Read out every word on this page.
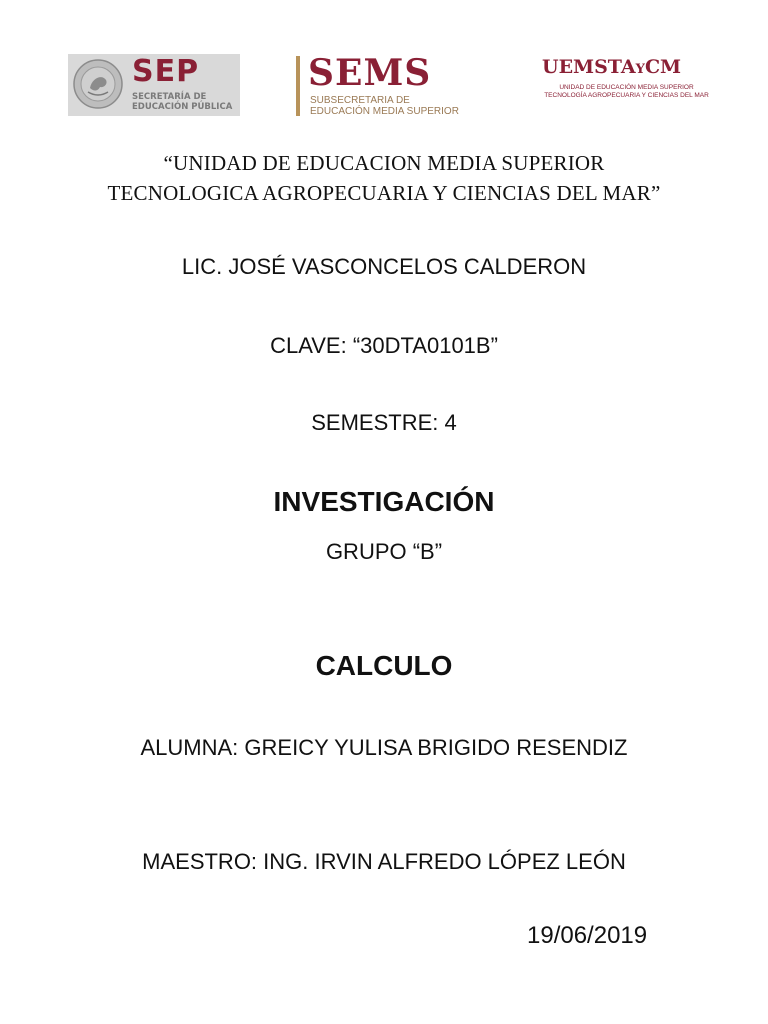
SEP
SECRETARÍA DE
EDUCACIÓN PÚBLICA
SEMS
SUBSECRETARIA DE
EDUCACIÓN MEDIA SUPERIOR
UEMSTAYCM
UNIDAD DE EDUCACIÓN MEDIA SUPERIOR
TECNOLOGÍA AGROPECUARIA Y CIENCIAS DEL MAR
“UNIDAD DE EDUCACION MEDIA SUPERIOR
TECNOLOGICA AGROPECUARIA Y CIENCIAS DEL MAR”
LIC. JOSÉ VASCONCELOS CALDERON
CLAVE: “30DTA0101B”
SEMESTRE: 4
INVESTIGACIÓN
GRUPO “B”
CALCULO
ALUMNA: GREICY YULISA BRIGIDO RESENDIZ
MAESTRO: ING. IRVIN ALFREDO LÓPEZ LEÓN
19/06/2019
